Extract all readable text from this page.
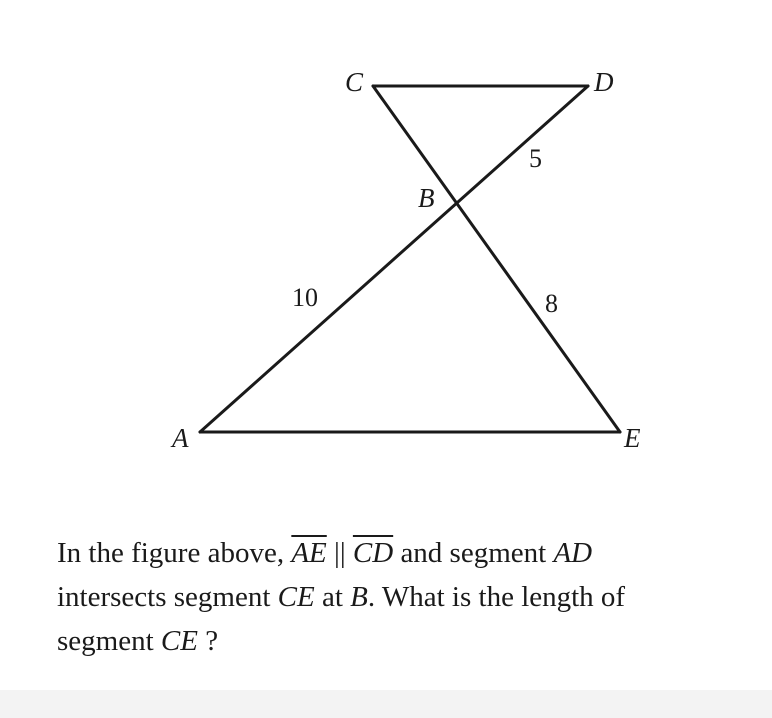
C	D
B
A	E
5
10	8

In the figure above, $\overline{AE}$ || $\overline{CD}$ and segment AD
intersects segment CE at B. What is the length of
segment CE ?
